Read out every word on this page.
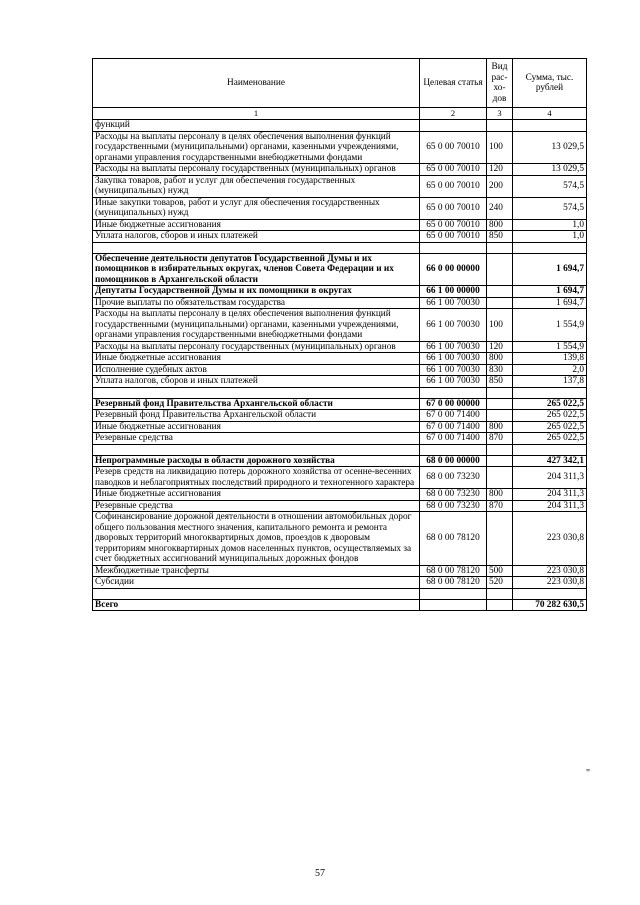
Наименование	Целевая статья	Вид рас-хо-дов	Сумма, тыс. рублей
1	2	3	4
функций			
Расходы на выплаты персоналу в целях обеспечения выполнения функций государственными (муниципальными) органами, казенными учреждениями, органами управления государственными внебюджетными фондами	65 0 00 70010	100	13 029,5
Расходы на выплаты персоналу государственных (муниципальных) органов	65 0 00 70010	120	13 029,5
Закупка товаров, работ и услуг для обеспечения государственных (муниципальных) нужд	65 0 00 70010	200	574,5
Иные закупки товаров, работ и услуг для обеспечения государственных (муниципальных) нужд	65 0 00 70010	240	574,5
Иные бюджетные ассигнования	65 0 00 70010	800	1,0
Уплата налогов, сборов и иных платежей	65 0 00 70010	850	1,0

Обеспечение деятельности депутатов Государственной Думы и их помощников в избирательных округах, членов Совета Федерации и их помощников в Архангельской области	66 0 00 00000		1 694,7
Депутаты Государственной Думы и их помощники в округах	66 1 00 00000		1 694,7
Прочие выплаты по обязательствам государства	66 1 00 70030		1 694,7
Расходы на выплаты персоналу в целях обеспечения выполнения функций государственными (муниципальными) органами, казенными учреждениями, органами управления государственными внебюджетными фондами	66 1 00 70030	100	1 554,9
Расходы на выплаты персоналу государственных (муниципальных) органов	66 1 00 70030	120	1 554,9
Иные бюджетные ассигнования	66 1 00 70030	800	139,8
Исполнение судебных актов	66 1 00 70030	830	2,0
Уплата налогов, сборов и иных платежей	66 1 00 70030	850	137,8

Резервный фонд Правительства Архангельской области	67 0 00 00000		265 022,5
Резервный фонд Правительства Архангельской области	67 0 00 71400		265 022,5
Иные бюджетные ассигнования	67 0 00 71400	800	265 022,5
Резервные средства	67 0 00 71400	870	265 022,5

Непрограммные расходы в области дорожного хозяйства	68 0 00 00000		427 342,1
Резерв средств на ликвидацию потерь дорожного хозяйства от осенне-весенних паводков и неблагоприятных последствий природного и техногенного характера	68 0 00 73230		204 311,3
Иные бюджетные ассигнования	68 0 00 73230	800	204 311,3
Резервные средства	68 0 00 73230	870	204 311,3
Софинансирование дорожной деятельности в отношении автомобильных дорог общего пользования местного значения, капитального ремонта и ремонта дворовых территорий многоквартирных домов, проездов к дворовым территориям многоквартирных домов населенных пунктов, осуществляемых за счет бюджетных ассигнований муниципальных дорожных фондов	68 0 00 78120		223 030,8
Межбюджетные трансферты	68 0 00 78120	500	223 030,8
Субсидии	68 0 00 78120	520	223 030,8

Всего			70 282 630,5
"
57
